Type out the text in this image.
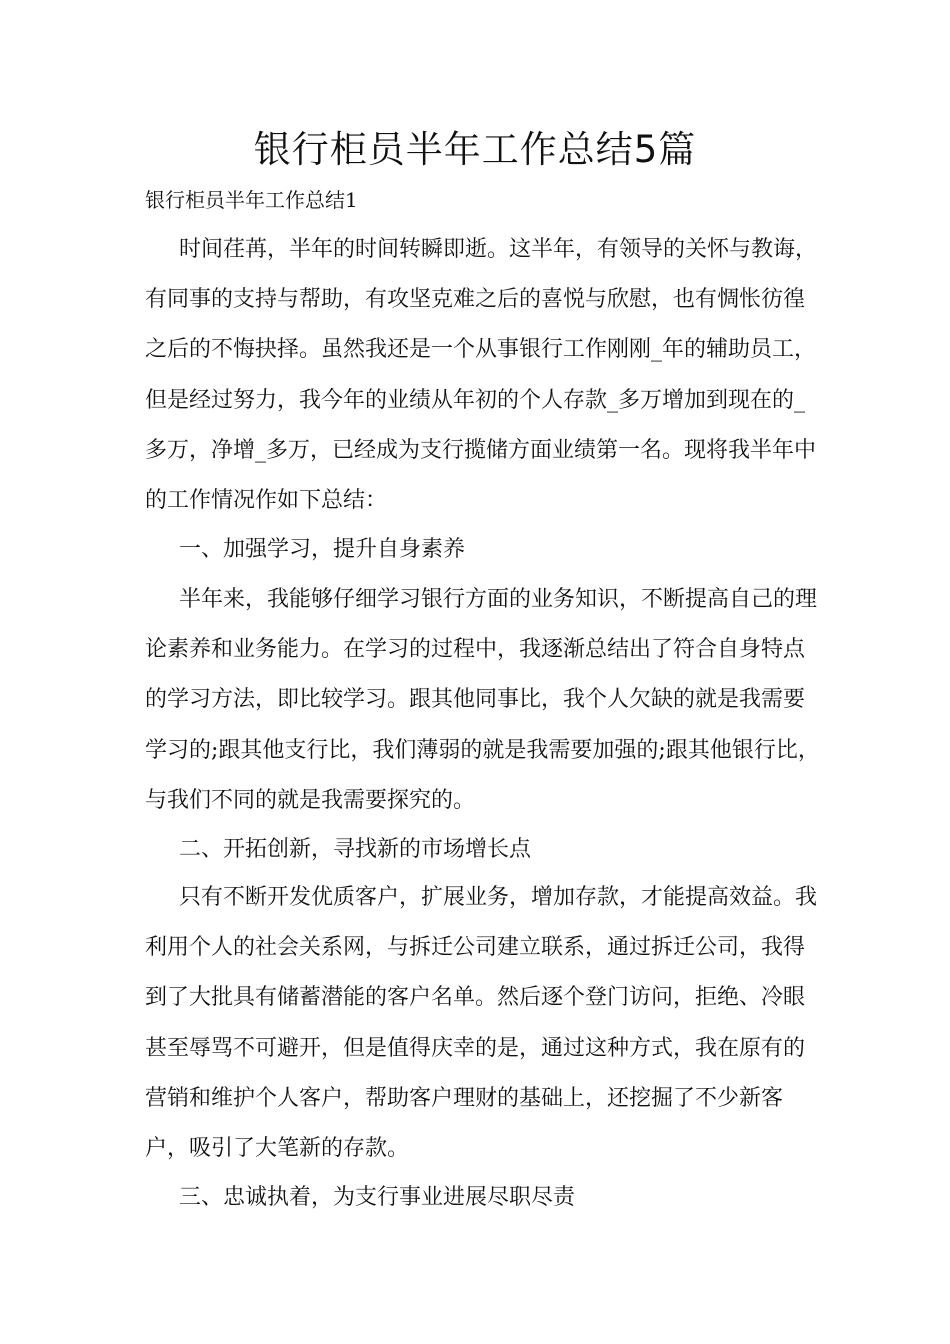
银行柜员半年工作总结5篇
银行柜员半年工作总结1

时间荏苒，半年的时间转瞬即逝。这半年，有领导的关怀与教诲，有同事的支持与帮助，有攻坚克难之后的喜悦与欣慰，也有惆怅彷徨之后的不悔抉择。虽然我还是一个从事银行工作刚刚_年的辅助员工，但是经过努力，我今年的业绩从年初的个人存款_多万增加到现在的_多万，净增_多万，已经成为支行揽储方面业绩第一名。现将我半年中的工作情况作如下总结：

一、加强学习，提升自身素养

半年来，我能够仔细学习银行方面的业务知识，不断提高自己的理论素养和业务能力。在学习的过程中，我逐渐总结出了符合自身特点的学习方法，即比较学习。跟其他同事比，我个人欠缺的就是我需要学习的;跟其他支行比，我们薄弱的就是我需要加强的;跟其他银行比，与我们不同的就是我需要探究的。

二、开拓创新，寻找新的市场增长点

只有不断开发优质客户，扩展业务，增加存款，才能提高效益。我利用个人的社会关系网，与拆迁公司建立联系，通过拆迁公司，我得到了大批具有储蓄潜能的客户名单。然后逐个登门访问，拒绝、冷眼甚至辱骂不可避开，但是值得庆幸的是，通过这种方式，我在原有的营销和维护个人客户，帮助客户理财的基础上，还挖掘了不少新客户，吸引了大笔新的存款。

三、忠诚执着，为支行事业进展尽职尽责
